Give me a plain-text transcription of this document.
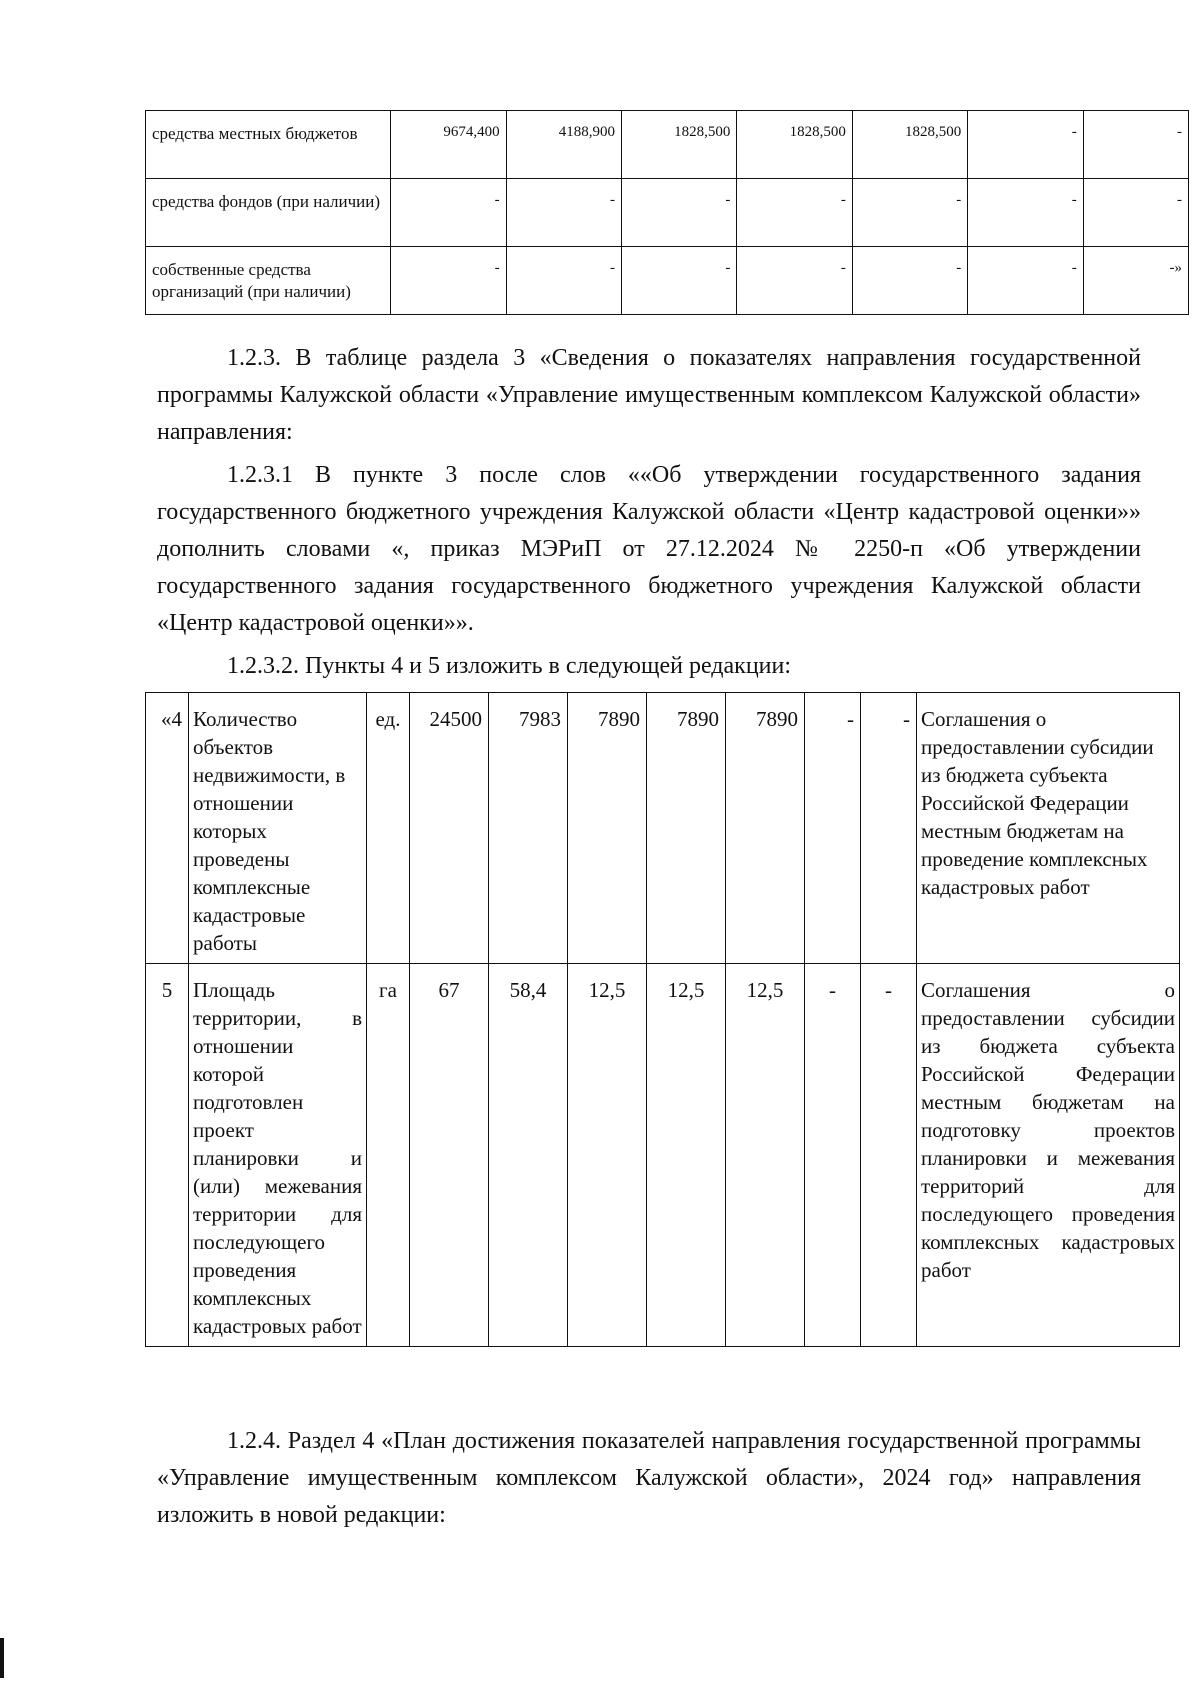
средства местных бюджетов	9674,400	4188,900	1828,500	1828,500	1828,500	-	-
средства фондов (при наличии)	-	-	-	-	-	-	-
собственные средства организаций (при наличии)	-	-	-	-	-	-	-»
1.2.3. В таблице раздела 3 «Сведения о показателях направления государственной программы Калужской области «Управление имущественным комплексом Калужской области» направления:
1.2.3.1 В пункте 3 после слов ««Об утверждении государственного задания государственного бюджетного учреждения Калужской области «Центр кадастровой оценки»» дополнить словами «, приказ МЭРиП от 27.12.2024 № 2250-п «Об утверждении государственного задания государственного бюджетного учреждения Калужской области «Центр кадастровой оценки»».
1.2.3.2. Пункты 4 и 5 изложить в следующей редакции:
«4	Количество объектов недвижимости, в отношении которых проведены комплексные кадастровые работы	ед.	24500	7983	7890	7890	7890	-	-	Соглашения о предоставлении субсидии из бюджета субъекта Российской Федерации местным бюджетам на проведение комплексных кадастровых работ
5	Площадь территории, в отношении которой подготовлен проект планировки и (или) межевания территории для последующего проведения комплексных кадастровых работ	га	67	58,4	12,5	12,5	12,5	-	-	Соглашения о предоставлении субсидии из бюджета субъекта Российской Федерации местным бюджетам на подготовку проектов планировки и межевания территорий для последующего проведения комплексных кадастровых работ
1.2.4. Раздел 4 «План достижения показателей направления государственной программы «Управление имущественным комплексом Калужской области», 2024 год» направления изложить в новой редакции:
